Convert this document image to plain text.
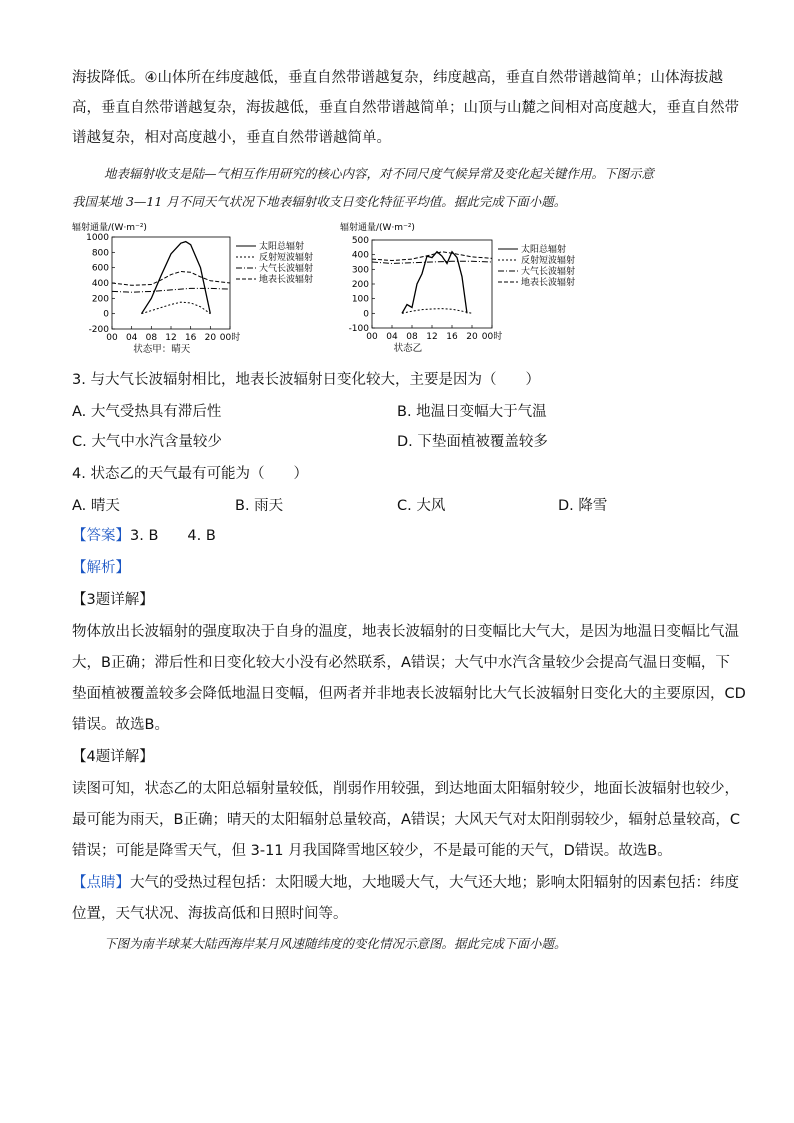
海拔降低。④山体所在纬度越低，垂直自然带谱越复杂，纬度越高，垂直自然带谱越简单；山体海拔越
高，垂直自然带谱越复杂，海拔越低，垂直自然带谱越简单；山顶与山麓之间相对高度越大，垂直自然带
谱越复杂，相对高度越小，垂直自然带谱越简单。
地表辐射收支是陆—气相互作用研究的核心内容，对不同尺度气候异常及变化起关键作用。下图示意
我国某地 3—11 月不同天气状况下地表辐射收支日变化特征平均值。据此完成下面小题。
辐射通量/(W·m⁻²)
1000
800
600
400
200
0
-200
00 04 08 12 16 20 00时
状态甲：晴天
太阳总辐射
反射短波辐射
大气长波辐射
地表长波辐射
辐射通量/(W·m⁻²)
500
400
300
200
100
0
-100
00 04 08 12 16 20 00时
状态乙
太阳总辐射
反射短波辐射
大气长波辐射
地表长波辐射
3. 与大气长波辐射相比，地表长波辐射日变化较大，主要是因为（　　）
A. 大气受热具有滞后性	B. 地温日变幅大于气温
C. 大气中水汽含量较少	D. 下垫面植被覆盖较多
4. 状态乙的天气最有可能为（　　）
A. 晴天	B. 雨天	C. 大风	D. 降雪
【答案】3. B　　4. B
【解析】
【3题详解】
物体放出长波辐射的强度取决于自身的温度，地表长波辐射的日变幅比大气大，是因为地温日变幅比气温
大，B正确；滞后性和日变化较大小没有必然联系，A错误；大气中水汽含量较少会提高气温日变幅，下
垫面植被覆盖较多会降低地温日变幅，但两者并非地表长波辐射比大气长波辐射日变化大的主要原因，CD
错误。故选B。
【4题详解】
读图可知，状态乙的太阳总辐射量较低，削弱作用较强，到达地面太阳辐射较少，地面长波辐射也较少，
最可能为雨天，B正确；晴天的太阳辐射总量较高，A错误；大风天气对太阳削弱较少，辐射总量较高，C
错误；可能是降雪天气，但 3-11 月我国降雪地区较少，不是最可能的天气，D错误。故选B。
【点睛】大气的受热过程包括：太阳暖大地，大地暖大气，大气还大地；影响太阳辐射的因素包括：纬度
位置，天气状况、海拔高低和日照时间等。
下图为南半球某大陆西海岸某月风速随纬度的变化情况示意图。据此完成下面小题。
